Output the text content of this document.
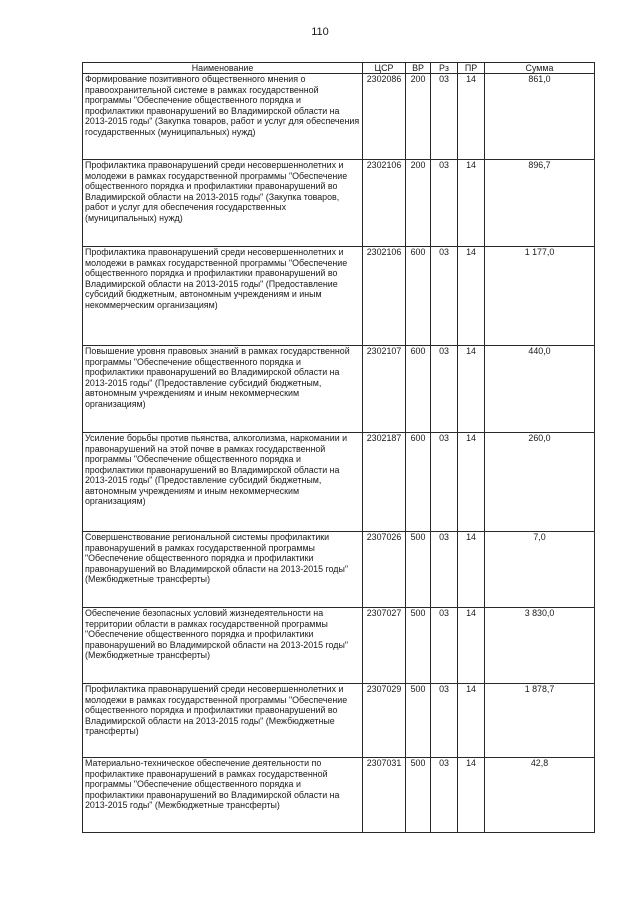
110
Наименование	ЦСР	ВР	Рз	ПР	Сумма
Формирование позитивного общественного мнения о правоохранительной системе в рамках государственной программы "Обеспечение общественного порядка и профилактики правонарушений во Владимирской области на 2013-2015 годы" (Закупка товаров, работ и услуг для обеспечения государственных (муниципальных) нужд)	2302086	200	03	14	861,0
Профилактика правонарушений среди несовершеннолетних и молодежи в рамках государственной программы "Обеспечение общественного порядка и профилактики правонарушений во Владимирской области на 2013-2015 годы" (Закупка товаров, работ и услуг для обеспечения государственных (муниципальных) нужд)	2302106	200	03	14	896,7
Профилактика правонарушений среди несовершеннолетних и молодежи в рамках государственной программы "Обеспечение общественного порядка и профилактики правонарушений во Владимирской области на 2013-2015 годы" (Предоставление субсидий бюджетным, автономным учреждениям и иным некоммерческим организациям)	2302106	600	03	14	1 177,0
Повышение уровня правовых знаний в рамках государственной программы "Обеспечение общественного порядка и профилактики правонарушений во Владимирской области на 2013-2015 годы" (Предоставление субсидий бюджетным, автономным учреждениям и иным некоммерческим организациям)	2302107	600	03	14	440,0
Усиление борьбы против пьянства, алкоголизма, наркомании и правонарушений на этой почве в рамках государственной программы "Обеспечение общественного порядка и профилактики правонарушений во Владимирской области на 2013-2015 годы" (Предоставление субсидий бюджетным, автономным учреждениям и иным некоммерческим организациям)	2302187	600	03	14	260,0
Совершенствование региональной системы профилактики правонарушений в рамках государственной программы "Обеспечение общественного порядка и профилактики правонарушений во Владимирской области на 2013-2015 годы" (Межбюджетные трансферты)	2307026	500	03	14	7,0
Обеспечение безопасных условий жизнедеятельности на территории области в рамках государственной программы "Обеспечение общественного порядка и профилактики правонарушений во Владимирской области на 2013-2015 годы" (Межбюджетные трансферты)	2307027	500	03	14	3 830,0
Профилактика правонарушений среди несовершеннолетних и молодежи в рамках государственной программы "Обеспечение общественного порядка и профилактики правонарушений во Владимирской области на 2013-2015 годы" (Межбюджетные трансферты)	2307029	500	03	14	1 878,7
Материально-техническое обеспечение деятельности по профилактике правонарушений в рамках государственной программы "Обеспечение общественного порядка и профилактики правонарушений во Владимирской области на 2013-2015 годы" (Межбюджетные трансферты)	2307031	500	03	14	42,8
